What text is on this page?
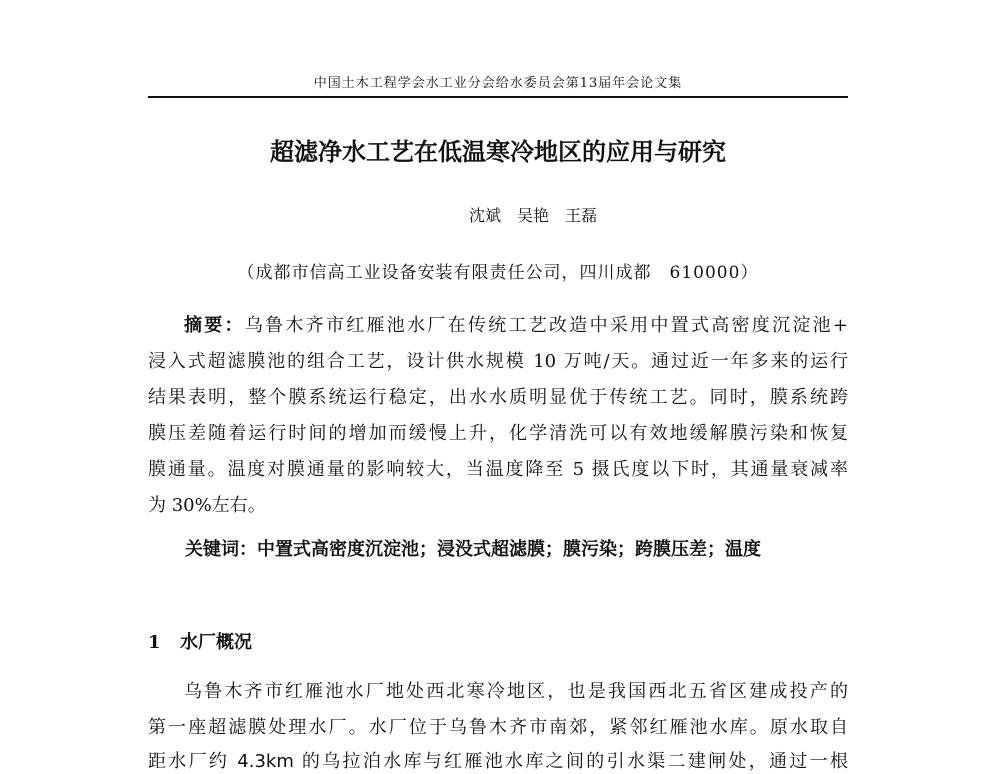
中国土木工程学会水工业分会给水委员会第13届年会论文集
超滤净水工艺在低温寒冷地区的应用与研究
沈斌　吴艳　王磊
（成都市信高工业设备安装有限责任公司，四川成都　610000）
摘要：乌鲁木齐市红雁池水厂在传统工艺改造中采用中置式高密度沉淀池+
浸入式超滤膜池的组合工艺，设计供水规模 10 万吨/天。通过近一年多来的运行
结果表明，整个膜系统运行稳定，出水水质明显优于传统工艺。同时，膜系统跨
膜压差随着运行时间的增加而缓慢上升，化学清洗可以有效地缓解膜污染和恢复
膜通量。温度对膜通量的影响较大，当温度降至 5 摄氏度以下时，其通量衰减率
为 30%左右。
关键词：中置式高密度沉淀池；浸没式超滤膜；膜污染；跨膜压差；温度
1 水厂概况
乌鲁木齐市红雁池水厂地处西北寒冷地区，也是我国西北五省区建成投产的
第一座超滤膜处理水厂。水厂位于乌鲁木齐市南郊，紧邻红雁池水库。原水取自
距水厂约 4.3km 的乌拉泊水库与红雁池水库之间的引水渠二建闸处，通过一根
